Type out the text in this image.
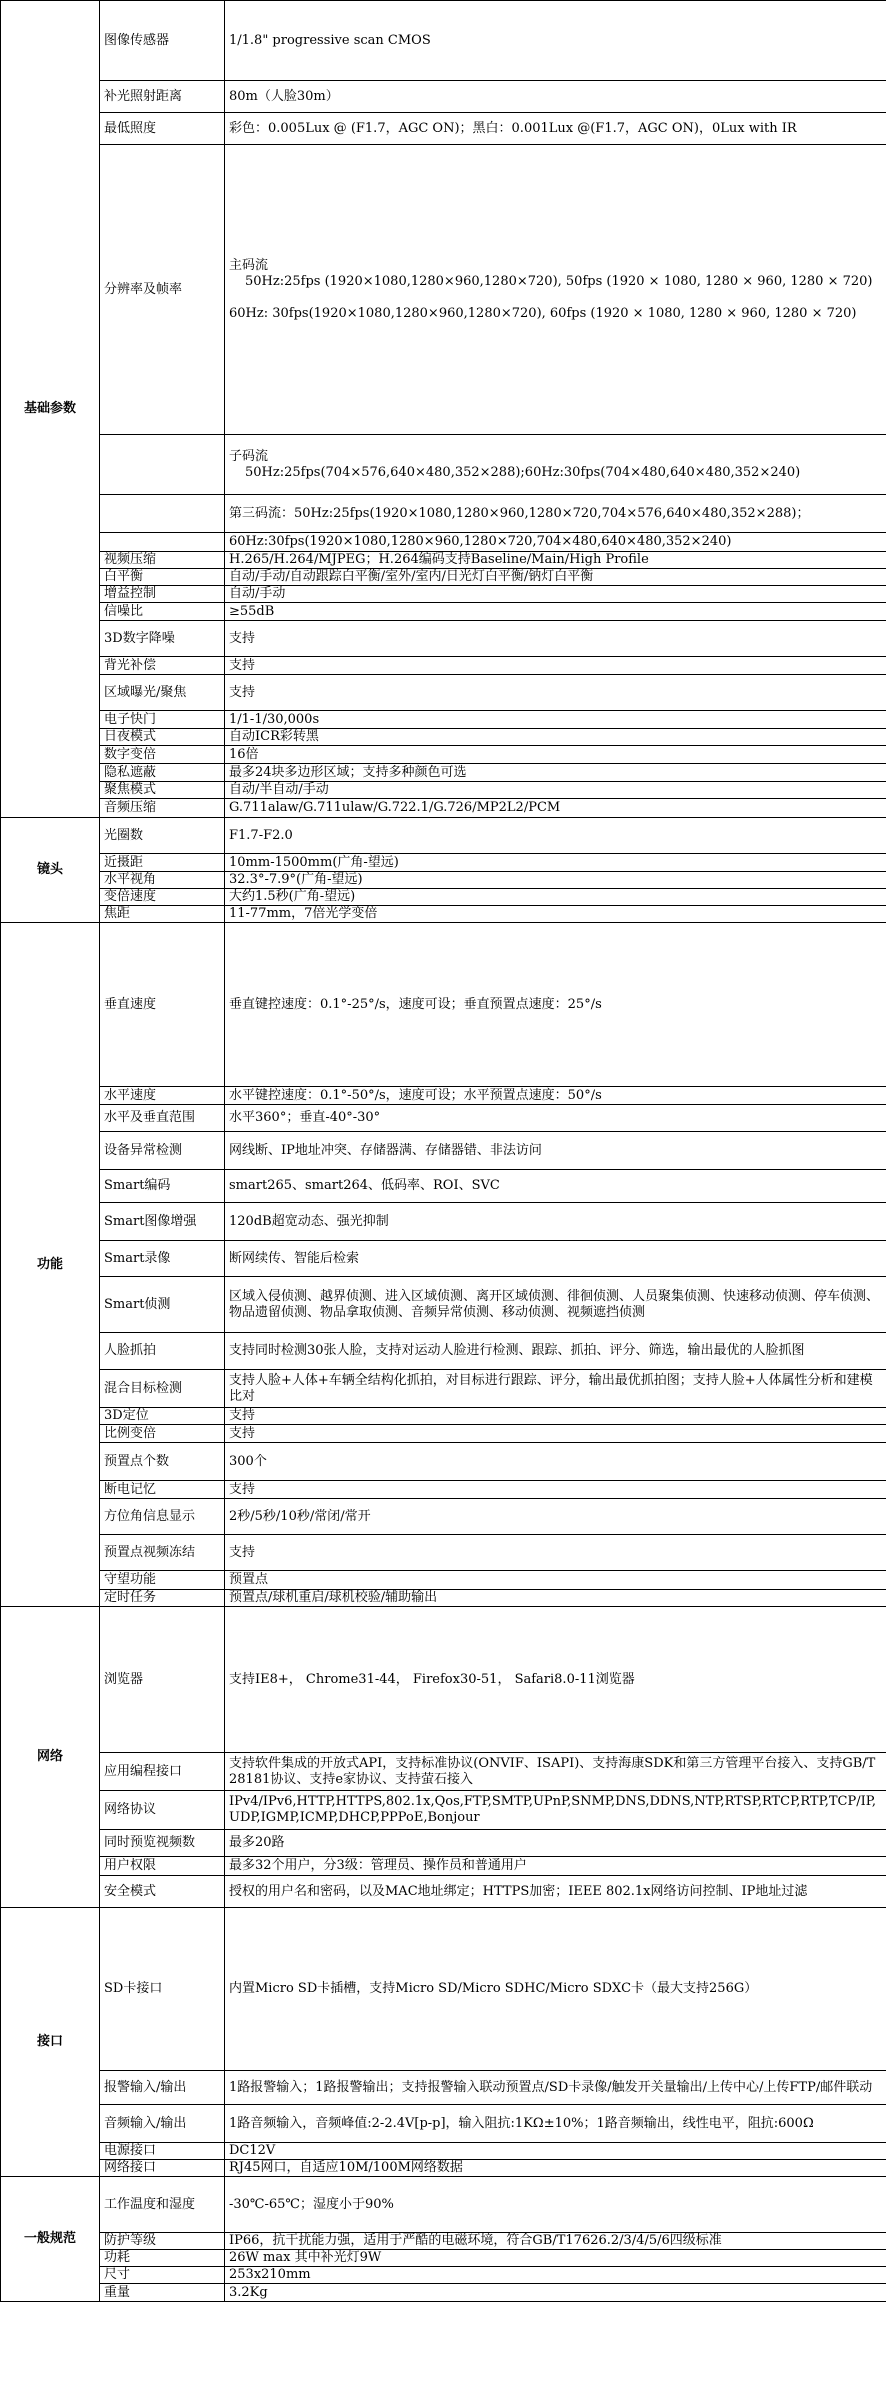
基础参数	图像传感器	1/1.8" progressive scan CMOS
	补光照射距离	80m（人脸30m）
	最低照度	彩色：0.005Lux @ (F1.7，AGC ON)；黑白：0.001Lux @(F1.7，AGC ON)，0Lux with IR
	分辨率及帧率	主码流
50Hz:25fps (1920×1080,1280×960,1280×720), 50fps (1920 × 1080, 1280 × 960, 1280 × 720)
60Hz: 30fps(1920×1080,1280×960,1280×720), 60fps (1920 × 1080, 1280 × 960, 1280 × 720)

		子码流
50Hz:25fps(704×576,640×480,352×288);60Hz:30fps(704×480,640×480,352×240)

		第三码流：50Hz:25fps(1920×1080,1280×960,1280×720,704×576,640×480,352×288)；
		60Hz:30fps(1920×1080,1280×960,1280×720,704×480,640×480,352×240)
	视频压缩	H.265/H.264/MJPEG；H.264编码支持Baseline/Main/High Profile
	白平衡	自动/手动/自动跟踪白平衡/室外/室内/日光灯白平衡/钠灯白平衡
	增益控制	自动/手动
	信噪比	≥55dB
	3D数字降噪	支持
	背光补偿	支持
	区域曝光/聚焦	支持
	电子快门	1/1-1/30,000s
	日夜模式	自动ICR彩转黑
	数字变倍	16倍
	隐私遮蔽	最多24块多边形区域；支持多种颜色可选
	聚焦模式	自动/半自动/手动
	音频压缩	G.711alaw/G.711ulaw/G.722.1/G.726/MP2L2/PCM
镜头	光圈数	F1.7-F2.0
	近摄距	10mm-1500mm(广角-望远)
	水平视角	32.3°-7.9°(广角-望远)
	变倍速度	大约1.5秒(广角-望远)
	焦距	11-77mm，7倍光学变倍
功能	垂直速度	垂直键控速度：0.1°-25°/s，速度可设；垂直预置点速度：25°/s
	水平速度	水平键控速度：0.1°-50°/s，速度可设；水平预置点速度：50°/s
	水平及垂直范围	水平360°；垂直-40°-30°
	设备异常检测	网线断、IP地址冲突、存储器满、存储器错、非法访问
	Smart编码	smart265、smart264、低码率、ROI、SVC
	Smart图像增强	120dB超宽动态、强光抑制
	Smart录像	断网续传、智能后检索
	Smart侦测	区域入侵侦测、越界侦测、进入区域侦测、离开区域侦测、徘徊侦测、人员聚集侦测、快速移动侦测、停车侦测、物品遗留侦测、物品拿取侦测、音频异常侦测、移动侦测、视频遮挡侦测
	人脸抓拍	支持同时检测30张人脸，支持对运动人脸进行检测、跟踪、抓拍、评分、筛选，输出最优的人脸抓图
	混合目标检测	支持人脸+人体+车辆全结构化抓拍，对目标进行跟踪、评分，输出最优抓拍图；支持人脸+人体属性分析和建模比对
	3D定位	支持
	比例变倍	支持
	预置点个数	300个
	断电记忆	支持
	方位角信息显示	2秒/5秒/10秒/常闭/常开
	预置点视频冻结	支持
	守望功能	预置点
	定时任务	预置点/球机重启/球机校验/辅助输出
网络	浏览器	支持IE8+， Chrome31-44， Firefox30-51， Safari8.0-11浏览器
	应用编程接口	支持软件集成的开放式API，支持标准协议(ONVIF、ISAPI)、支持海康SDK和第三方管理平台接入、支持GB/T28181协议、支持e家协议、支持萤石接入
	网络协议	IPv4/IPv6,HTTP,HTTPS,802.1x,Qos,FTP,SMTP,UPnP,SNMP,DNS,DDNS,NTP,RTSP,RTCP,RTP,TCP/IP,UDP,IGMP,ICMP,DHCP,PPPoE,Bonjour
	同时预览视频数	最多20路
	用户权限	最多32个用户，分3级：管理员、操作员和普通用户
	安全模式	授权的用户名和密码，以及MAC地址绑定；HTTPS加密；IEEE 802.1x网络访问控制、IP地址过滤
接口	SD卡接口	内置Micro SD卡插槽，支持Micro SD/Micro SDHC/Micro SDXC卡（最大支持256G）
	报警输入/输出	1路报警输入；1路报警输出；支持报警输入联动预置点/SD卡录像/触发开关量输出/上传中心/上传FTP/邮件联动
	音频输入/输出	1路音频输入，音频峰值:2-2.4V[p-p]，输入阻抗:1KΩ±10%；1路音频输出，线性电平，阻抗:600Ω
	电源接口	DC12V
	网络接口	RJ45网口，自适应10M/100M网络数据
一般规范	工作温度和湿度	-30℃-65℃；湿度小于90%
	防护等级	IP66，抗干扰能力强，适用于严酷的电磁环境，符合GB/T17626.2/3/4/5/6四级标准
	功耗	26W max 其中补光灯9W
	尺寸	253x210mm
	重量	3.2Kg
